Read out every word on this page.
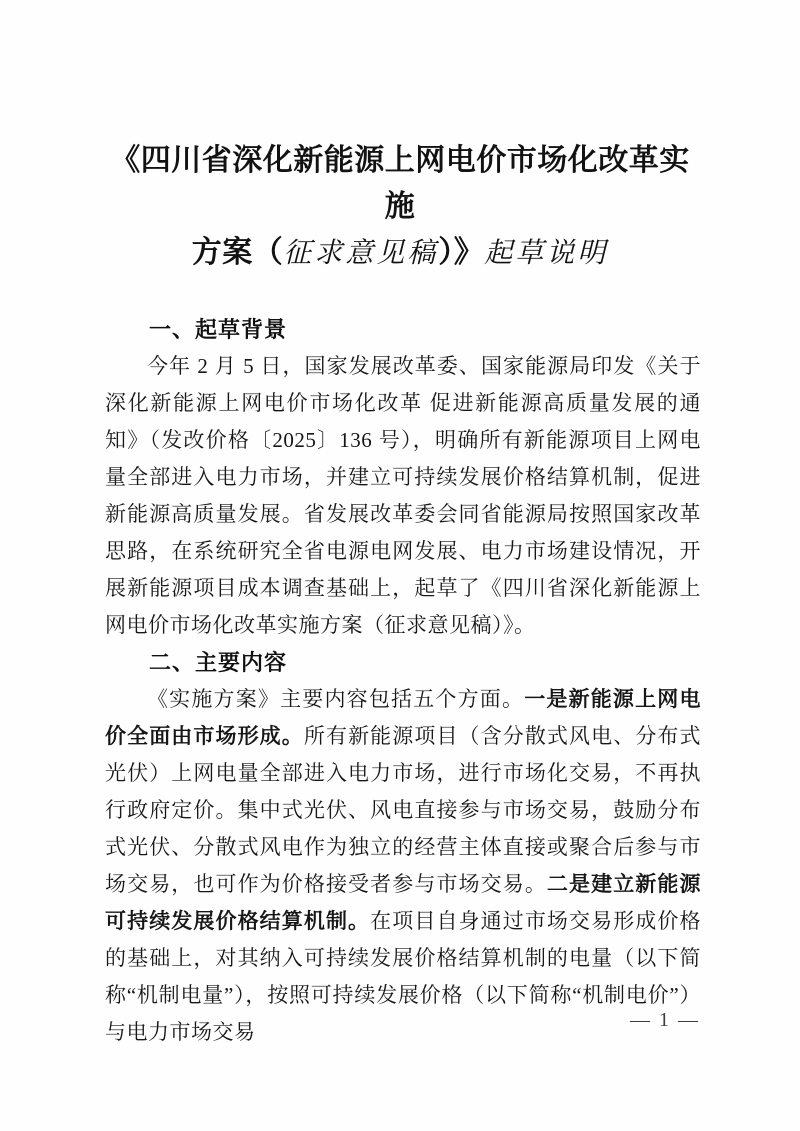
《四川省深化新能源上网电价市场化改革实施
方案（征求意见稿）》起草说明
一、起草背景

今年 2 月 5 日，国家发展改革委、国家能源局印发《关于深化新能源上网电价市场化改革 促进新能源高质量发展的通知》（发改价格〔2025〕136 号），明确所有新能源项目上网电量全部进入电力市场，并建立可持续发展价格结算机制，促进新能源高质量发展。省发展改革委会同省能源局按照国家改革思路，在系统研究全省电源电网发展、电力市场建设情况，开展新能源项目成本调查基础上，起草了《四川省深化新能源上网电价市场化改革实施方案（征求意见稿）》。

二、主要内容

《实施方案》主要内容包括五个方面。一是新能源上网电价全面由市场形成。所有新能源项目（含分散式风电、分布式光伏）上网电量全部进入电力市场，进行市场化交易，不再执行政府定价。集中式光伏、风电直接参与市场交易，鼓励分布式光伏、分散式风电作为独立的经营主体直接或聚合后参与市场交易，也可作为价格接受者参与市场交易。二是建立新能源可持续发展价格结算机制。在项目自身通过市场交易形成价格的基础上，对其纳入可持续发展价格结算机制的电量（以下简称“机制电量”），按照可持续发展价格（以下简称“机制电价”）与电力市场交易	— 1 —
